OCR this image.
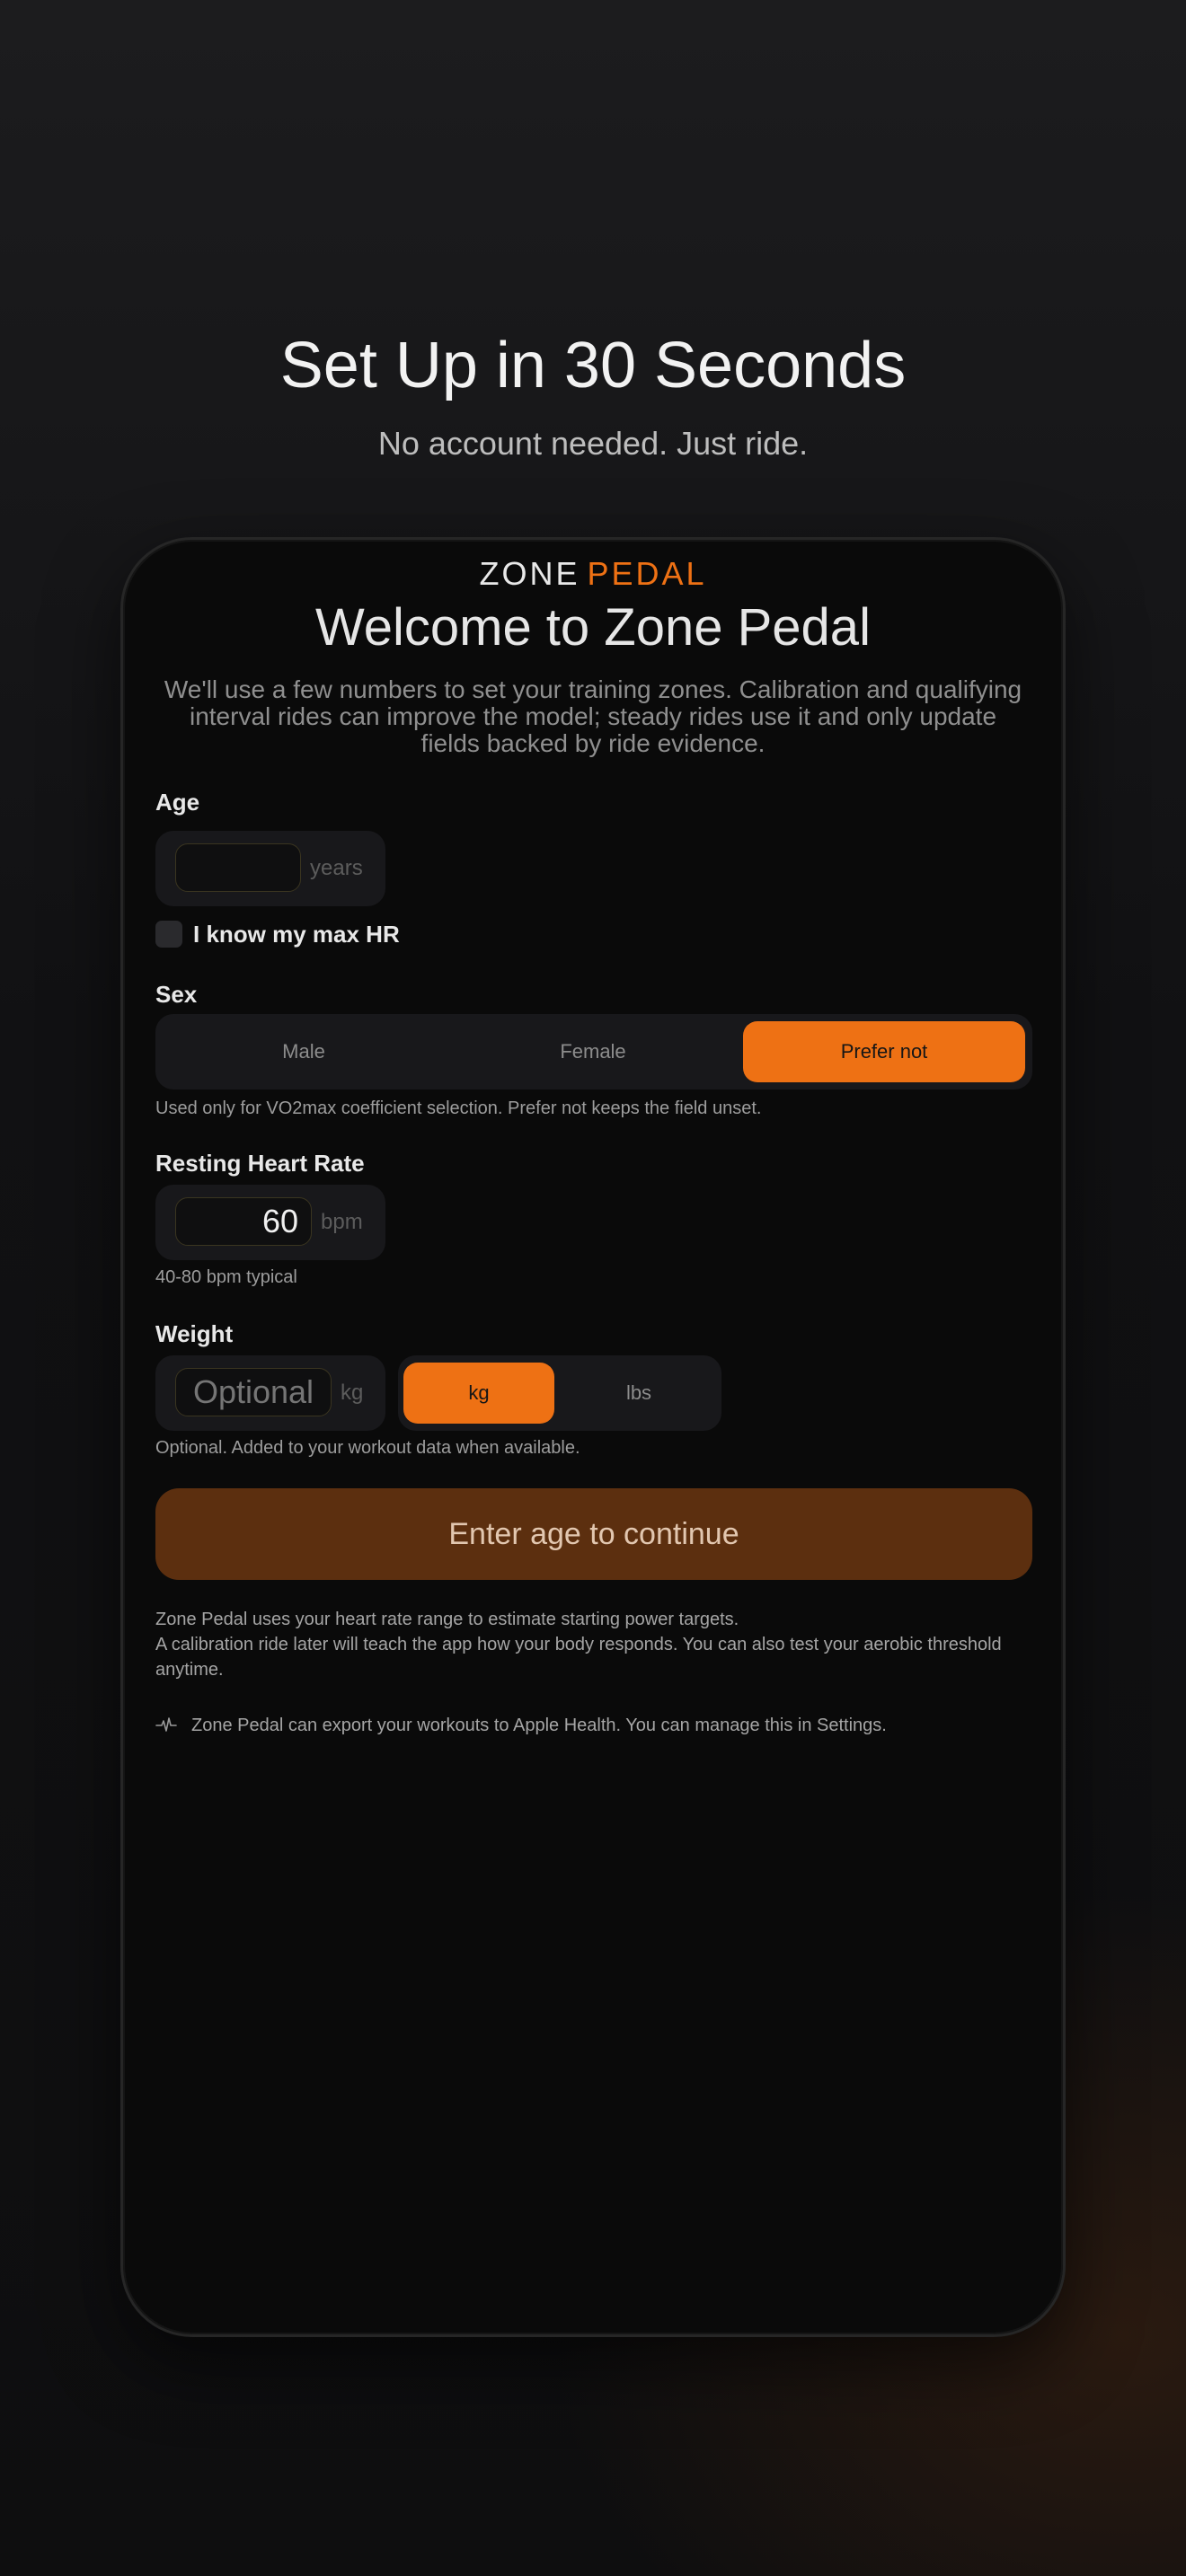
Set Up in 30 Seconds
No account needed. Just ride.
ZONE PEDAL
Welcome to Zone Pedal
We'll use a few numbers to set your training zones. Calibration and qualifying interval rides can improve the model; steady rides use it and only update fields backed by ride evidence.
Age
years
I know my max HR
Sex
Male	Female	Prefer not
Used only for VO2max coefficient selection. Prefer not keeps the field unset.
Resting Heart Rate
60
bpm
40-80 bpm typical
Weight
Optional
kg	kg	lbs
Optional. Added to your workout data when available.
Enter age to continue
Zone Pedal uses your heart rate range to estimate starting power targets.
A calibration ride later will teach the app how your body responds. You can also test your aerobic threshold anytime.
Zone Pedal can export your workouts to Apple Health. You can manage this in Settings.
